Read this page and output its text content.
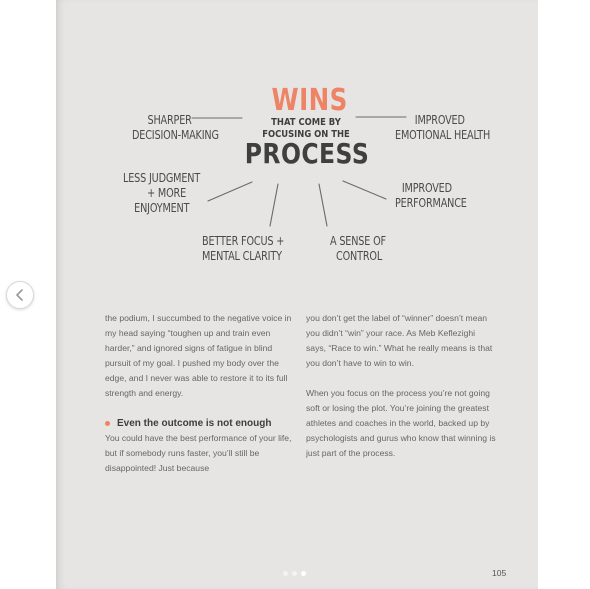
WINS
THAT COME BY
FOCUSING ON THE
PROCESS
SHARPER
DECISION-MAKING
IMPROVED
EMOTIONAL HEALTH
LESS JUDGMENT
+ MORE
ENJOYMENT
IMPROVED
PERFORMANCE
BETTER FOCUS +
MENTAL CLARITY
A SENSE OF
CONTROL

the podium, I succumbed to the negative voice in my head saying “toughen up and train even harder,” and ignored signs of fatigue in blind pursuit of my goal. I pushed my body over the edge, and I never was able to restore it to its full strength and energy.

Even the outcome is not enough

You could have the best performance of your life, but if somebody runs faster, you’ll still be disappointed! Just because

you don’t get the label of “winner” doesn’t mean you didn’t “win” your race. As Meb Keflezighi says, “Race to win.” What he really means is that you don’t have to win to win.

When you focus on the process you’re not going soft or losing the plot. You’re joining the greatest athletes and coaches in the world, backed up by psychologists and gurus who know that winning is just part of the process.

105
